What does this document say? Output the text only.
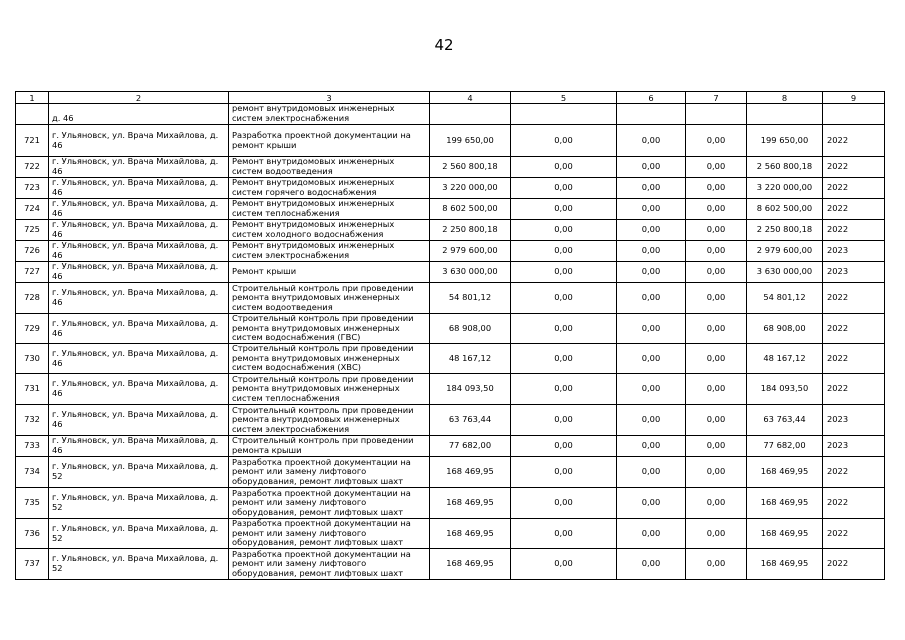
42
1	2	3	4	5	6	7	8	9
	д. 46	ремонт внутридомовых инженерных систем электроснабжения						
721	г. Ульяновск, ул. Врача Михайлова, д. 46	Разработка проектной документации на ремонт крыши	199 650,00	0,00	0,00	0,00	199 650,00	2022
722	г. Ульяновск, ул. Врача Михайлова, д. 46	Ремонт внутридомовых инженерных систем водоотведения	2 560 800,18	0,00	0,00	0,00	2 560 800,18	2022
723	г. Ульяновск, ул. Врача Михайлова, д. 46	Ремонт внутридомовых инженерных систем горячего водоснабжения	3 220 000,00	0,00	0,00	0,00	3 220 000,00	2022
724	г. Ульяновск, ул. Врача Михайлова, д. 46	Ремонт внутридомовых инженерных систем теплоснабжения	8 602 500,00	0,00	0,00	0,00	8 602 500,00	2022
725	г. Ульяновск, ул. Врача Михайлова, д. 46	Ремонт внутридомовых инженерных систем холодного водоснабжения	2 250 800,18	0,00	0,00	0,00	2 250 800,18	2022
726	г. Ульяновск, ул. Врача Михайлова, д. 46	Ремонт внутридомовых инженерных систем электроснабжения	2 979 600,00	0,00	0,00	0,00	2 979 600,00	2023
727	г. Ульяновск, ул. Врача Михайлова, д. 46	Ремонт крыши	3 630 000,00	0,00	0,00	0,00	3 630 000,00	2023
728	г. Ульяновск, ул. Врача Михайлова, д. 46	Строительный контроль при проведении ремонта внутридомовых инженерных систем водоотведения	54 801,12	0,00	0,00	0,00	54 801,12	2022
729	г. Ульяновск, ул. Врача Михайлова, д. 46	Строительный контроль при проведении ремонта внутридомовых инженерных систем водоснабжения (ГВС)	68 908,00	0,00	0,00	0,00	68 908,00	2022
730	г. Ульяновск, ул. Врача Михайлова, д. 46	Строительный контроль при проведении ремонта внутридомовых инженерных систем водоснабжения (ХВС)	48 167,12	0,00	0,00	0,00	48 167,12	2022
731	г. Ульяновск, ул. Врача Михайлова, д. 46	Строительный контроль при проведении ремонта внутридомовых инженерных систем теплоснабжения	184 093,50	0,00	0,00	0,00	184 093,50	2022
732	г. Ульяновск, ул. Врача Михайлова, д. 46	Строительный контроль при проведении ремонта внутридомовых инженерных систем электроснабжения	63 763,44	0,00	0,00	0,00	63 763,44	2023
733	г. Ульяновск, ул. Врача Михайлова, д. 46	Строительный контроль при проведении ремонта крыши	77 682,00	0,00	0,00	0,00	77 682,00	2023
734	г. Ульяновск, ул. Врача Михайлова, д. 52	Разработка проектной документации на ремонт или замену лифтового оборудования, ремонт лифтовых шахт	168 469,95	0,00	0,00	0,00	168 469,95	2022
735	г. Ульяновск, ул. Врача Михайлова, д. 52	Разработка проектной документации на ремонт или замену лифтового оборудования, ремонт лифтовых шахт	168 469,95	0,00	0,00	0,00	168 469,95	2022
736	г. Ульяновск, ул. Врача Михайлова, д. 52	Разработка проектной документации на ремонт или замену лифтового оборудования, ремонт лифтовых шахт	168 469,95	0,00	0,00	0,00	168 469,95	2022
737	г. Ульяновск, ул. Врача Михайлова, д. 52	Разработка проектной документации на ремонт или замену лифтового оборудования, ремонт лифтовых шахт	168 469,95	0,00	0,00	0,00	168 469,95	2022
